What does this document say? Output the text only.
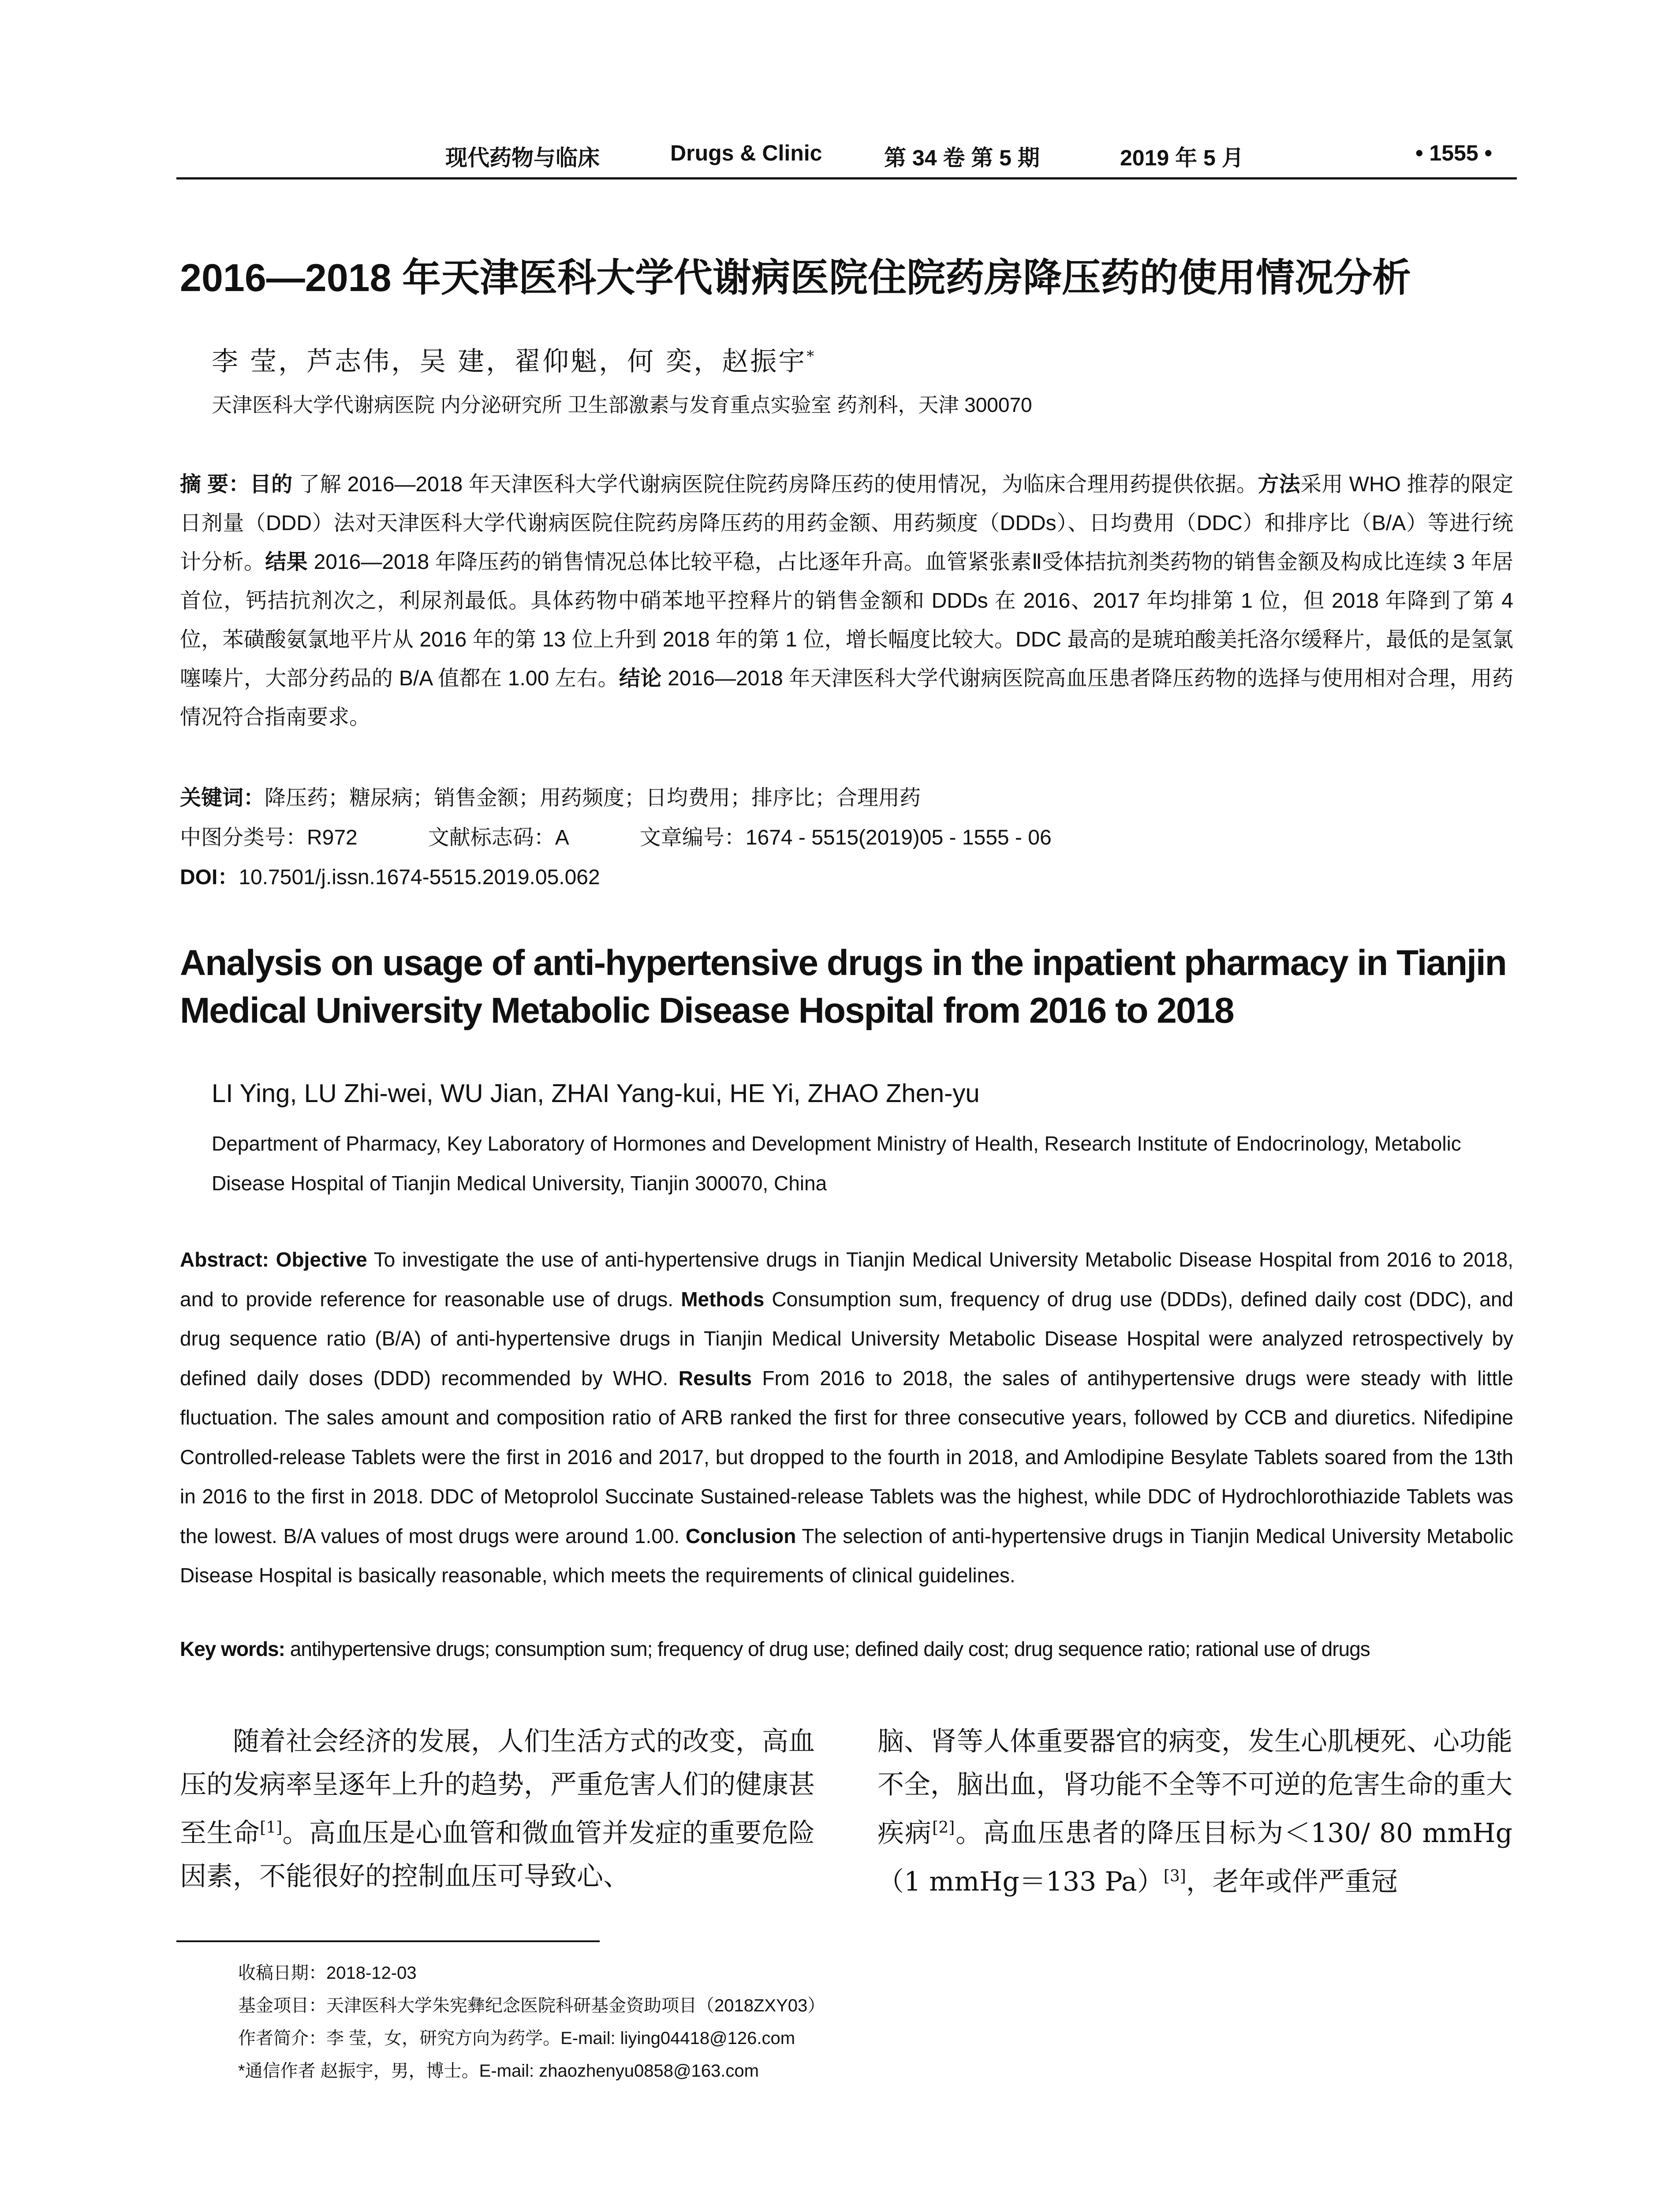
现代药物与临床	Drugs & Clinic	第 34 卷 第 5 期	2019 年 5 月	• 1555 •
2016—2018 年天津医科大学代谢病医院住院药房降压药的使用情况分析
李 莹，芦志伟，吴 建，翟仰魁，何 奕，赵振宇*
天津医科大学代谢病医院 内分泌研究所 卫生部激素与发育重点实验室 药剂科，天津 300070
摘 要：目的 了解 2016—2018 年天津医科大学代谢病医院住院药房降压药的使用情况，为临床合理用药提供依据。方法采用 WHO 推荐的限定日剂量（DDD）法对天津医科大学代谢病医院住院药房降压药的用药金额、用药频度（DDDs）、日均费用（DDC）和排序比（B/A）等进行统计分析。结果 2016—2018 年降压药的销售情况总体比较平稳，占比逐年升高。血管紧张素Ⅱ受体拮抗剂类药物的销售金额及构成比连续 3 年居首位，钙拮抗剂次之，利尿剂最低。具体药物中硝苯地平控释片的销售金额和 DDDs 在 2016、2017 年均排第 1 位，但 2018 年降到了第 4 位，苯磺酸氨氯地平片从 2016 年的第 13 位上升到 2018 年的第 1 位，增长幅度比较大。DDC 最高的是琥珀酸美托洛尔缓释片，最低的是氢氯噻嗪片，大部分药品的 B/A 值都在 1.00 左右。结论 2016—2018 年天津医科大学代谢病医院高血压患者降压药物的选择与使用相对合理，用药情况符合指南要求。
关键词：降压药；糖尿病；销售金额；用药频度；日均费用；排序比；合理用药
中图分类号：R972	文献标志码：A	文章编号：1674 - 5515(2019)05 - 1555 - 06
DOI：10.7501/j.issn.1674-5515.2019.05.062
Analysis on usage of anti-hypertensive drugs in the inpatient pharmacy in Tianjin Medical University Metabolic Disease Hospital from 2016 to 2018
LI Ying, LU Zhi-wei, WU Jian, ZHAI Yang-kui, HE Yi, ZHAO Zhen-yu
Department of Pharmacy, Key Laboratory of Hormones and Development Ministry of Health, Research Institute of Endocrinology, Metabolic Disease Hospital of Tianjin Medical University, Tianjin 300070, China
Abstract: Objective To investigate the use of anti-hypertensive drugs in Tianjin Medical University Metabolic Disease Hospital from 2016 to 2018, and to provide reference for reasonable use of drugs. Methods Consumption sum, frequency of drug use (DDDs), defined daily cost (DDC), and drug sequence ratio (B/A) of anti-hypertensive drugs in Tianjin Medical University Metabolic Disease Hospital were analyzed retrospectively by defined daily doses (DDD) recommended by WHO. Results From 2016 to 2018, the sales of antihypertensive drugs were steady with little fluctuation. The sales amount and composition ratio of ARB ranked the first for three consecutive years, followed by CCB and diuretics. Nifedipine Controlled-release Tablets were the first in 2016 and 2017, but dropped to the fourth in 2018, and Amlodipine Besylate Tablets soared from the 13th in 2016 to the first in 2018. DDC of Metoprolol Succinate Sustained-release Tablets was the highest, while DDC of Hydrochlorothiazide Tablets was the lowest. B/A values of most drugs were around 1.00. Conclusion The selection of anti-hypertensive drugs in Tianjin Medical University Metabolic Disease Hospital is basically reasonable, which meets the requirements of clinical guidelines.
Key words: antihypertensive drugs; consumption sum; frequency of drug use; defined daily cost; drug sequence ratio; rational use of drugs
随着社会经济的发展，人们生活方式的改变，高血压的发病率呈逐年上升的趋势，严重危害人们的健康甚至生命[1]。高血压是心血管和微血管并发症的重要危险因素，不能很好的控制血压可导致心、
脑、肾等人体重要器官的病变，发生心肌梗死、心功能不全，脑出血，肾功能不全等不可逆的危害生命的重大疾病[2]。高血压患者的降压目标为＜130/ 80 mmHg（1 mmHg＝133 Pa）[3]，老年或伴严重冠
收稿日期：2018-12-03
基金项目：天津医科大学朱宪彝纪念医院科研基金资助项目（2018ZXY03）
作者简介：李 莹，女，研究方向为药学。E-mail: liying04418@126.com
*通信作者 赵振宇，男，博士。E-mail: zhaozhenyu0858@163.com
